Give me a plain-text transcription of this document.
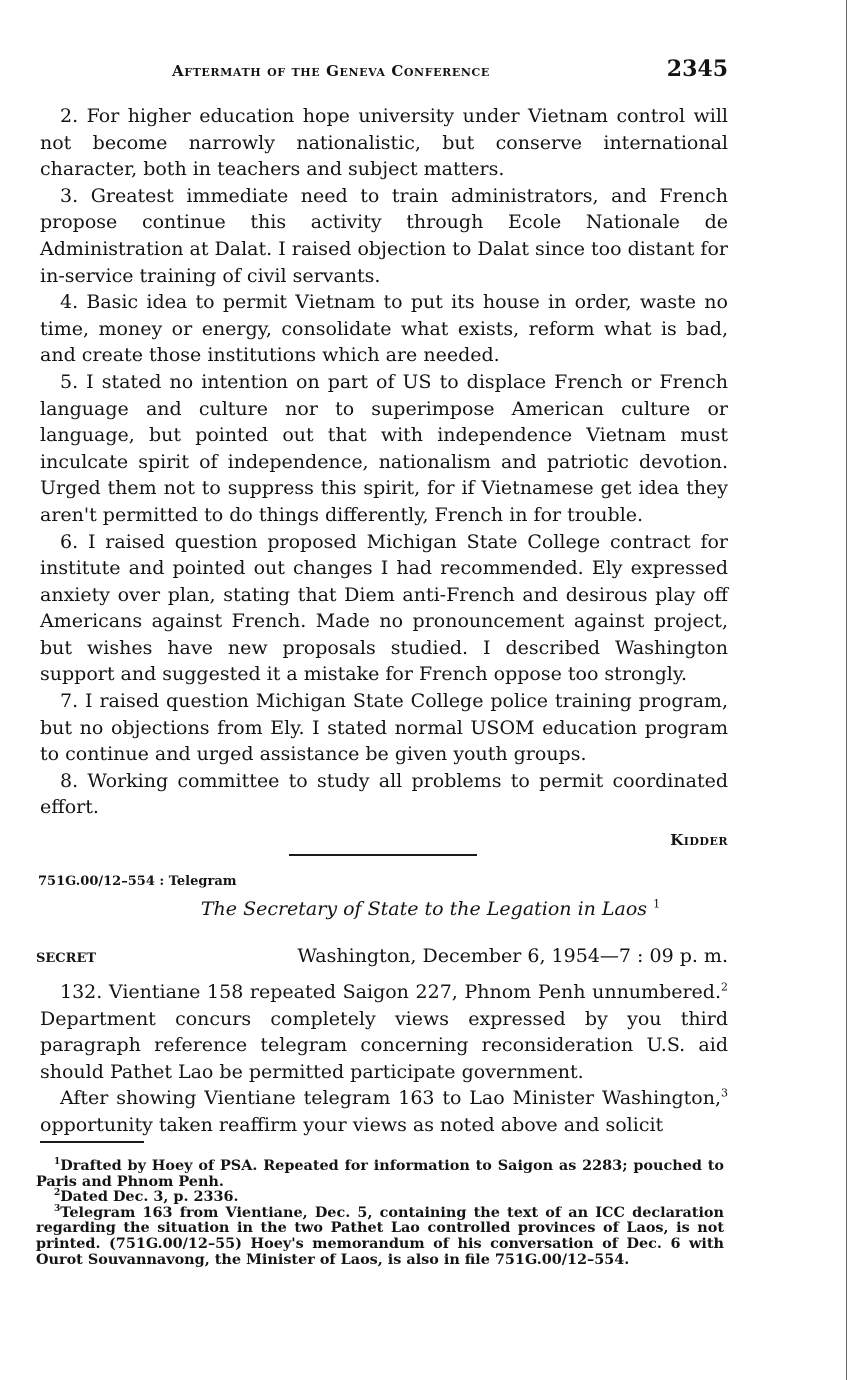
Aftermath of the Geneva Conference	2345

2. For higher education hope university under Vietnam control will not become narrowly nationalistic, but conserve international character, both in teachers and subject matters.

3. Greatest immediate need to train administrators, and French propose continue this activity through Ecole Nationale de Administration at Dalat. I raised objection to Dalat since too distant for in-service training of civil servants.

4. Basic idea to permit Vietnam to put its house in order, waste no time, money or energy, consolidate what exists, reform what is bad, and create those institutions which are needed.

5. I stated no intention on part of US to displace French or French language and culture nor to superimpose American culture or language, but pointed out that with independence Vietnam must inculcate spirit of independence, nationalism and patriotic devotion. Urged them not to suppress this spirit, for if Vietnamese get idea they aren't permitted to do things differently, French in for trouble.

6. I raised question proposed Michigan State College contract for institute and pointed out changes I had recommended. Ely expressed anxiety over plan, stating that Diem anti-French and desirous play off Americans against French. Made no pronouncement against project, but wishes have new proposals studied. I described Washington support and suggested it a mistake for French oppose too strongly.

7. I raised question Michigan State College police training program, but no objections from Ely. I stated normal USOM education program to continue and urged assistance be given youth groups.

8. Working committee to study all problems to permit coordinated effort.

Kidder
751G.00/12–554 : Telegram
The Secretary of State to the Legation in Laos $^1$
SECRET	Washington, December 6, 1954—7 : 09 p. m.

132. Vientiane 158 repeated Saigon 227, Phnom Penh unnumbered.$^2$ Department concurs completely views expressed by you third paragraph reference telegram concerning reconsideration U.S. aid should Pathet Lao be permitted participate government.

After showing Vientiane telegram 163 to Lao Minister Washington,$^3$ opportunity taken reaffirm your views as noted above and solicit

$^1$Drafted by Hoey of PSA. Repeated for information to Saigon as 2283; pouched to Paris and Phnom Penh.

$^2$Dated Dec. 3, p. 2336.

$^3$Telegram 163 from Vientiane, Dec. 5, containing the text of an ICC declaration regarding the situation in the two Pathet Lao controlled provinces of Laos, is not printed. (751G.00/12–55) Hoey's memorandum of his conversation of Dec. 6 with Ourot Souvannavong, the Minister of Laos, is also in file 751G.00/12–554.
